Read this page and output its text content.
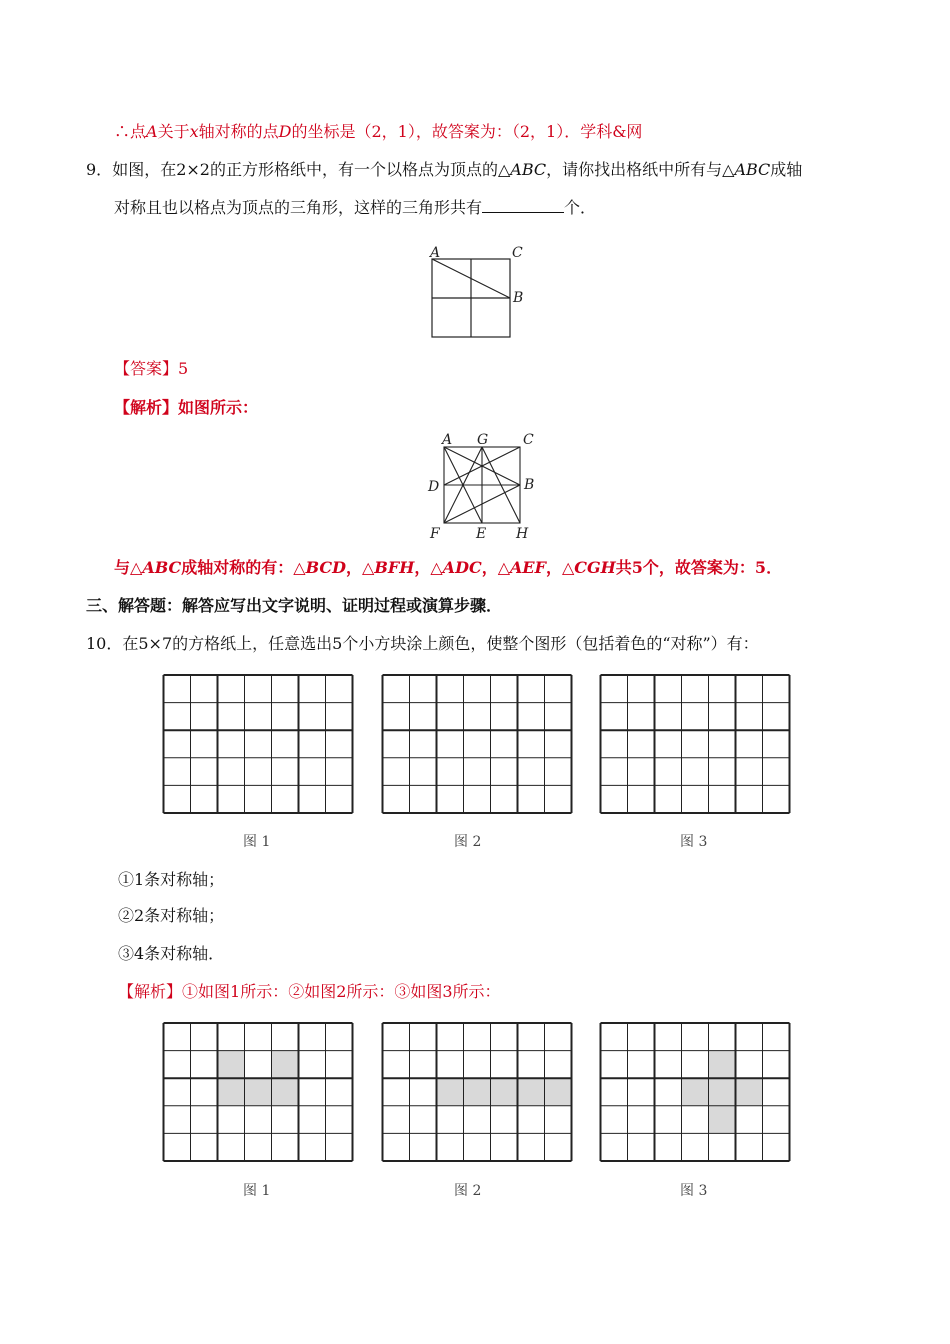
∴点A关于x轴对称的点D的坐标是（2，1），故答案为：（2，1）．学科&网
9．如图，在2×2的正方形格纸中，有一个以格点为顶点的△ABC，请你找出格纸中所有与△ABC成轴
对称且也以格点为顶点的三角形，这样的三角形共有	个．
A	C
B
【答案】5
【解析】如图所示：
A G C
D	B
F	E H
与△ABC成轴对称的有：△BCD，△BFH，△ADC，△AEF，△CGH共5个，故答案为：5．
三、解答题：解答应写出文字说明、证明过程或演算步骤．
10．在5×7的方格纸上，任意选出5个小方块涂上颜色，使整个图形（包括着色的“对称”）有：
图 1	图 2	图 3
①1条对称轴；
②2条对称轴；
③4条对称轴．
【解析】①如图1所示：②如图2所示：③如图3所示：
图 1	图 2	图 3
